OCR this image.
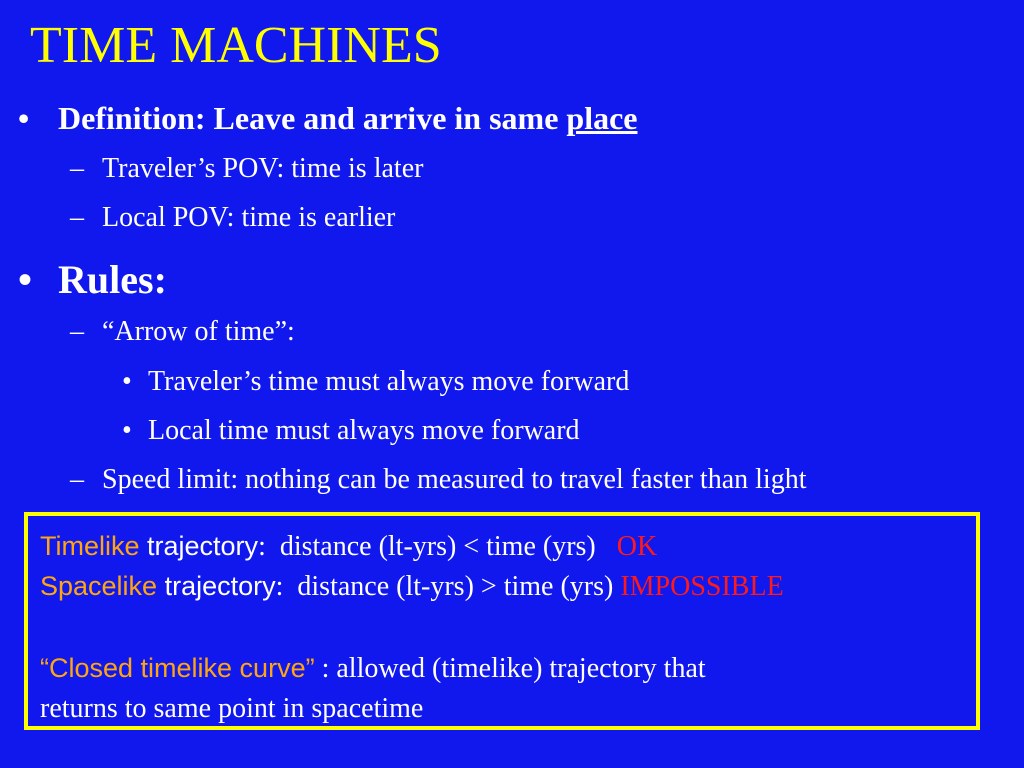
TIME MACHINES
• Definition: Leave and arrive in same place
– Traveler’s POV: time is later
– Local POV: time is earlier
• Rules:
– “Arrow of time”:
• Traveler’s time must always move forward
• Local time must always move forward
– Speed limit: nothing can be measured to travel faster than light
Timelike trajectory:  distance (lt-yrs) < time (yrs)   OK
Spacelike trajectory:  distance (lt-yrs) > time (yrs) IMPOSSIBLE
“Closed timelike curve” : allowed (timelike) trajectory that
returns to same point in spacetime
